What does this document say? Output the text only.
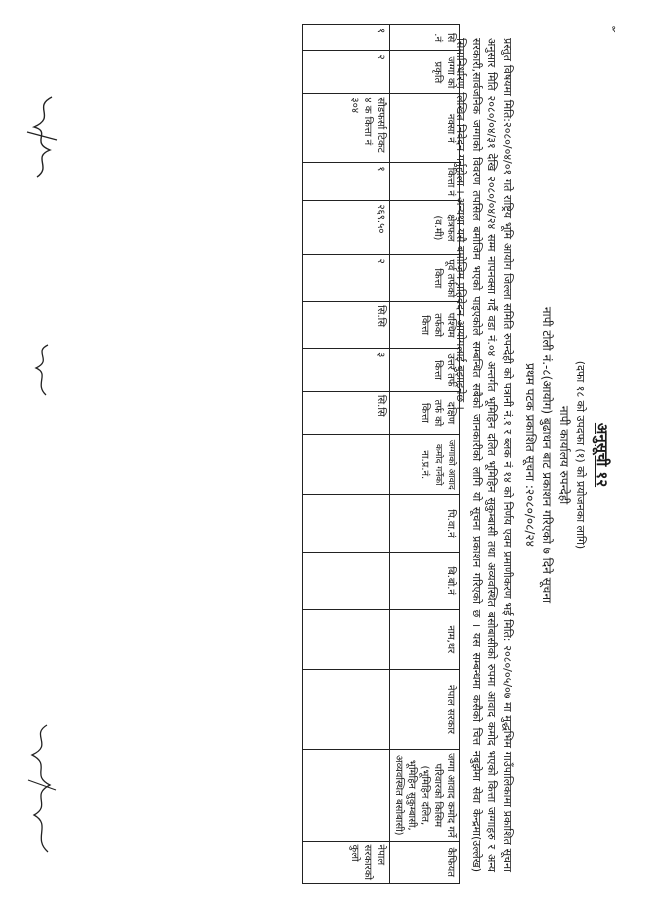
१
अनुसूची १२
(दफा १८ को उपदफा (१) को प्रयोजनका लागि)
नापी कार्यालय रुपन्देही
नापी टोली नं.-८(आयोग) बुढाधन बाट प्रकाशन गरिएको ७ दिने सूचना
प्रथम पटक प्रकाशित सूचना :२०८०/०८/२४
प्रस्तुत विषयमा मिति:२०८०/०४/०१ गते राष्ट्रिय भूमि आयोग जिल्ला समिति रुपन्देही को पत्रानी नं.१ र ब्लक नं १४ को निर्णय एवम प्रमाणीकरण भई मिति: २०८०/०५/०७ मा मुद्धभिम गाउँपालिकामा प्रकाशित सूचना अनुसार मिति २०८०/०४/३१ देखि २०८०/०४/२४ सम्म नापनक्सा गर्दै वडा नं.०४ अन्तर्गत भूमिहिन दलित भूमिहिन सुकुम्बासी तथा अव्यवस्थित बसोबासीको रुपमा आवाद कमोद भएको कित्ता जग्गाहरु र अन्य सरकारी,सार्वजनिक जग्गाको विवरण तपसिल बमोजिम भएको पाइएकोले सम्बन्धित सबैको जानकारीको लागि यो सूचना प्रकाशन गरिएको छ । यस सम्बन्धमा कसैको चित्त नबुझेमा सेवा केन्द्रमा(उल्लेख) सिमानिर्धारण लिखित निवेदन गर्नुहोला । अन्यथा यसै बमोजिम प्रतिवेदन आयोगलाई बुझाइनेछ ।
सि .नं	जग्गा को प्रकृति	नक्सा नं	कित्ता नं	क्षेत्रफल (व.मी)	पूर्व तर्फको कित्ता	पश्चिम तर्फको कित्ता	उत्तर तर्फ कित्ता	दक्षिण तर्फ को कित्ता	जग्गाको आवाद कमोद गर्नेको
ना.प्र.नं.	पि.वा.नं	बि.बो.नं	नाम,थर	नेपाल सरकार	जग्गा आवाद कमोद गर्ने परिवारको किसिम (भूमिहिन दलित, भूमिहिन सुकुम्बासी, अव्यवस्थित बसोबासी)	कैफियत
१	२	सौडफर्सा टिकट ४ क कित्ता नं ३०४	१	२६९.५०	२	सि.सि	३	सि.सि							नेपाल सरकारको कुलो
